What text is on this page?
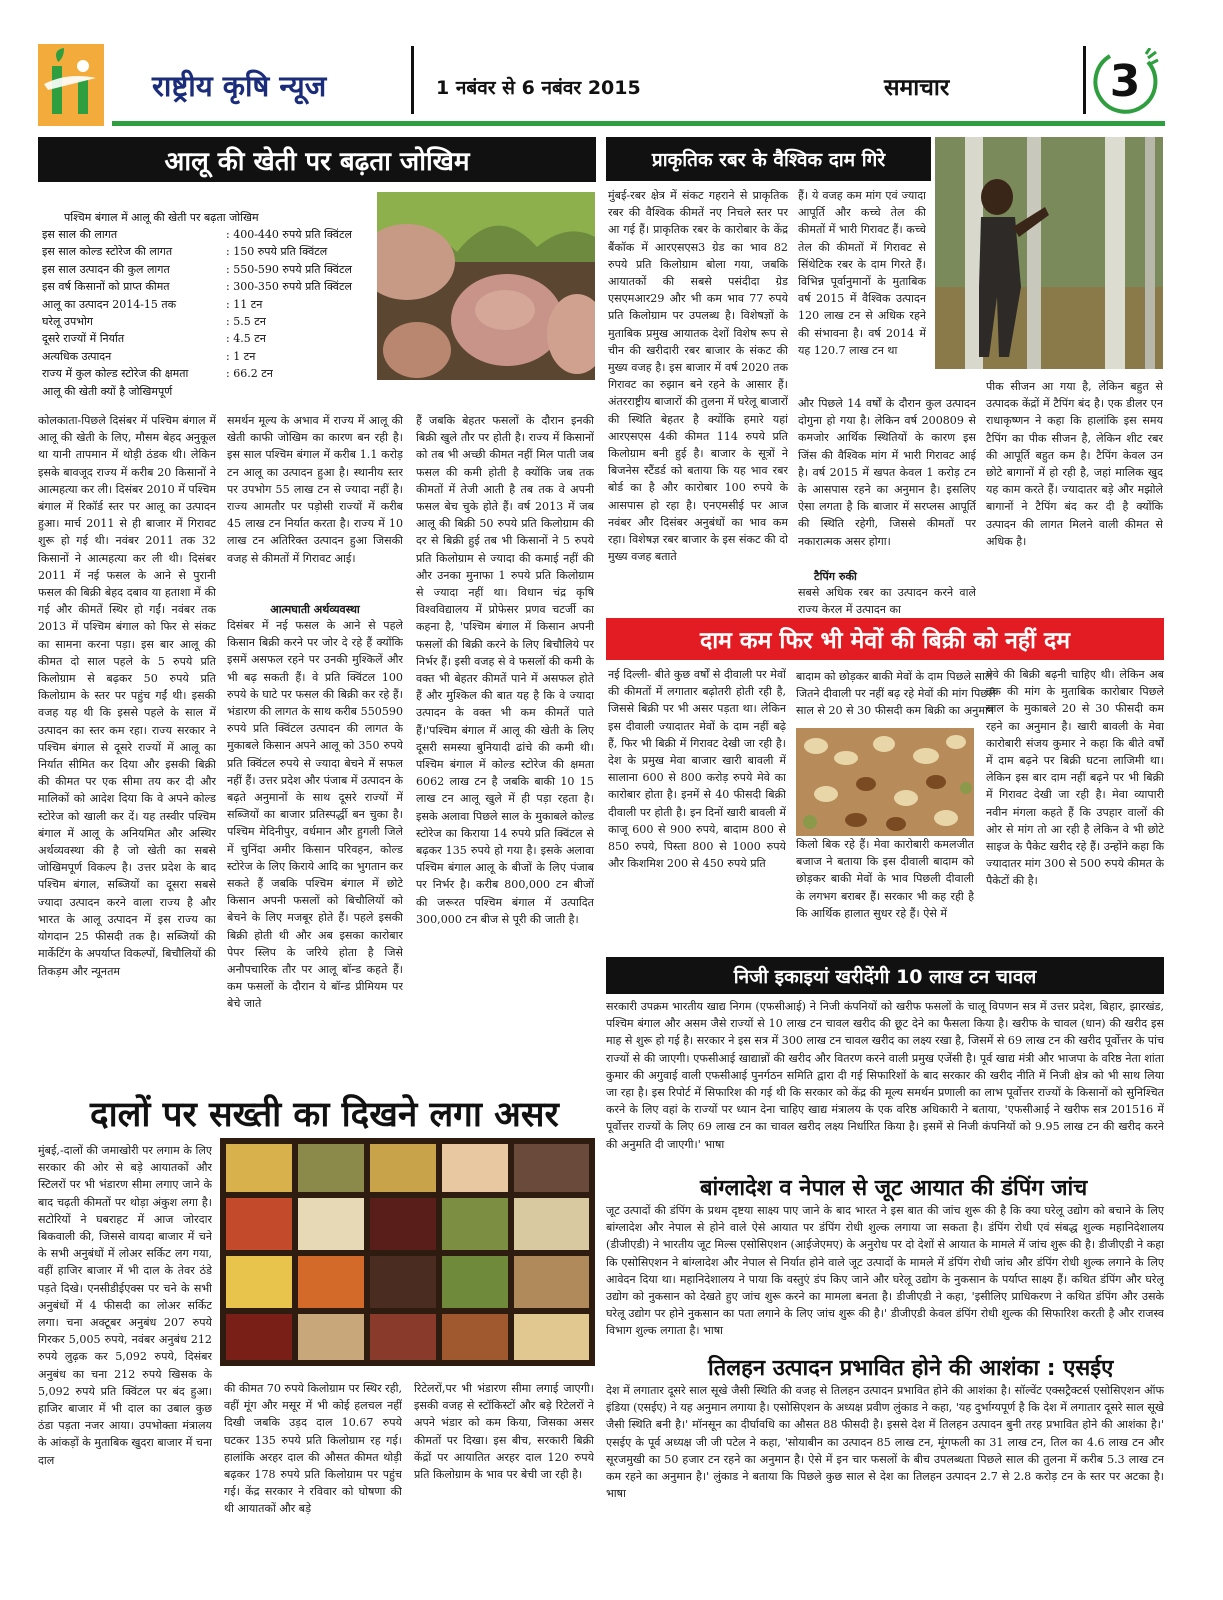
राष्ट्रीय कृषि न्यूज	1 नबंवर से 6 नबंवर 2015	समाचार	3
आलू की खेती पर बढ़ता जोखिम
पश्चिम बंगाल में आलू की खेती पर बढ़ता जोखिम
इस साल की लागत	: 400-440 रुपये प्रति क्विंटल
इस साल कोल्ड स्टोरेज की लागत	: 150 रुपये प्रति क्विंटल
इस साल उत्पादन की कुल लागत	: 550-590 रुपये प्रति क्विंटल
इस वर्ष किसानों को प्राप्त कीमत	: 300-350 रुपये प्रति क्विंटल
आलू का उत्पादन 2014-15 तक	: 11 टन
घरेलू उपभोग	: 5.5 टन
दूसरे राज्यों में निर्यात	: 4.5 टन
अत्यधिक उत्पादन	: 1 टन
राज्य में कुल कोल्ड स्टोरेज की क्षमता	: 66.2 टन
आलू की खेती क्यों है जोखिमपूर्ण
कोलकाता-पिछले दिसंबर में पश्चिम बंगाल में आलू की खेती के लिए, मौसम बेहद अनुकूल था यानी तापमान में थोड़ी ठंडक थी। लेकिन इसके बावजूद राज्य में करीब 20 किसानों ने आत्महत्या कर ली। दिसंबर 2010 में पश्चिम बंगाल में रिकॉर्ड स्तर पर आलू का उत्पादन हुआ। मार्च 2011 से ही बाजार में गिरावट शुरू हो गई थी। नवंबर 2011 तक 32 किसानों ने आत्महत्या कर ली थी। दिसंबर 2011 में नई फसल के आने से पुरानी फसल की बिक्री बेहद दबाव या हताशा में की गई और कीमतें स्थिर हो गईं। नवंबर तक 2013 में पश्चिम बंगाल को फिर से संकट का सामना करना पड़ा। इस बार आलू की कीमत दो साल पहले के 5 रुपये प्रति किलोग्राम से बढ़कर 50 रुपये प्रति किलोग्राम के स्तर पर पहुंच गईं थी। इसकी वजह यह थी कि इससे पहले के साल में उत्पादन का स्तर कम रहा। राज्य सरकार ने पश्चिम बंगाल से दूसरे राज्यों में आलू का निर्यात सीमित कर दिया और इसकी बिक्री की कीमत पर एक सीमा तय कर दी और मालिकों को आदेश दिया कि वे अपने कोल्ड स्टोरेज को खाली कर दें। यह तस्वीर पश्चिम बंगाल में आलू के अनियमित और अस्थिर अर्थव्यवस्था की है जो खेती का सबसे जोखिमपूर्ण विकल्प है। उत्तर प्रदेश के बाद पश्चिम बंगाल, सब्जियों का दूसरा सबसे ज्यादा उत्पादन करने वाला राज्य है और भारत के आलू उत्पादन में इस राज्य का योगदान 25 फीसदी तक है। सब्जियों की मार्केटिंग के अपर्याप्त विकल्पों, बिचौलियों की तिकड़म और न्यूनतम
समर्थन मूल्य के अभाव में राज्य में आलू की खेती काफी जोखिम का कारण बन रही है। इस साल पश्चिम बंगाल में करीब 1.1 करोड़ टन आलू का उत्पादन हुआ है। स्थानीय स्तर पर उपभोग 55 लाख टन से ज्यादा नहीं है। राज्य आमतौर पर पड़ोसी राज्यों में करीब 45 लाख टन निर्यात करता है। राज्य में 10 लाख टन अतिरिक्त उत्पादन हुआ जिसकी वजह से कीमतों में गिरावट आई।
आत्मघाती अर्थव्यवस्था
दिसंबर में नई फसल के आने से पहले किसान बिक्री करने पर जोर दे रहे हैं क्योंकि इसमें असफल रहने पर उनकी मुश्किलें और भी बढ़ सकती हैं। वे प्रति क्विंटल 100 रुपये के घाटे पर फसल की बिक्री कर रहे हैं। भंडारण की लागत के साथ करीब 550590 रुपये प्रति क्विंटल उत्पादन की लागत के मुकाबले किसान अपने आलू को 350 रुपये प्रति क्विंटल रुपये से ज्यादा बेचने में सफल नहीं हैं। उत्तर प्रदेश और पंजाब में उत्पादन के बढ़ते अनुमानों के साथ दूसरे राज्यों में सब्जियों का बाजार प्रतिस्पर्द्धी बन चुका है। पश्चिम मेदिनीपुर, वर्धमान और हुगली जिले में चुनिंदा अमीर किसान परिवहन, कोल्ड स्टोरेज के लिए किराये आदि का भुगतान कर सकते हैं जबकि पश्चिम बंगाल में छोटे किसान अपनी फसलों को बिचौलियों को बेचने के लिए मजबूर होते हैं। पहले इसकी बिक्री होती थी और अब इसका कारोबार पेपर स्लिप के जरिये होता है जिसे अनौपचारिक तौर पर आलू बॉन्ड कहते हैं। कम फसलों के दौरान ये बॉन्ड प्रीमियम पर बेचे जाते
हैं जबकि बेहतर फसलों के दौरान इनकी बिक्री खुले तौर पर होती है। राज्य में किसानों को तब भी अच्छी कीमत नहीं मिल पाती जब फसल की कमी होती है क्योंकि जब तक कीमतों में तेजी आती है तब तक वे अपनी फसल बेच चुके होते हैं। वर्ष 2013 में जब आलू की बिक्री 50 रुपये प्रति किलोग्राम की दर से बिक्री हुई तब भी किसानों ने 5 रुपये प्रति किलोग्राम से ज्यादा की कमाई नहीं की और उनका मुनाफा 1 रुपये प्रति किलोग्राम से ज्यादा नहीं था। विधान चंद्र कृषि विश्वविद्यालय में प्रोफेसर प्रणव चटर्जी का कहना है, 'पश्चिम बंगाल में किसान अपनी फसलों की बिक्री करने के लिए बिचौलिये पर निर्भर हैं। इसी वजह से वे फसलों की कमी के वक्त भी बेहतर कीमतें पाने में असफल होते हैं और मुश्किल की बात यह है कि वे ज्यादा उत्पादन के वक्त भी कम कीमतें पाते हैं।'पश्चिम बंगाल में आलू की खेती के लिए दूसरी समस्या बुनियादी ढांचे की कमी थी। पश्चिम बंगाल में कोल्ड स्टोरेज की क्षमता 6062 लाख टन है जबकि बाकी 10 15 लाख टन आलू खुले में ही पड़ा रहता है। इसके अलावा पिछले साल के मुकाबले कोल्ड स्टोरेज का किराया 14 रुपये प्रति क्विंटल से बढ़कर 135 रुपये हो गया है। इसके अलावा पश्चिम बंगाल आलू के बीजों के लिए पंजाब पर निर्भर है। करीब 800,000 टन बीजों की जरूरत पश्चिम बंगाल में उत्पादित 300,000 टन बीज से पूरी की जाती है।
दालों पर सख्ती का दिखने लगा असर
मुंबई,-दालों की जमाखोरी पर लगाम के लिए सरकार की ओर से बड़े आयातकों और स्टिलरों पर भी भंडारण सीमा लगाए जाने के बाद चढ़ती कीमतों पर थोड़ा अंकुश लगा है। सटोरियों ने घबराहट में आज जोरदार बिकवाली की, जिससे वायदा बाजार में चने के सभी अनुबंधों में लोअर सर्किट लग गया, वहीं हाजिर बाजार में भी दाल के तेवर ठंडे पड़ते दिखे। एनसीडीईएक्स पर चने के सभी अनुबंधों में 4 फीसदी का लोअर सर्किट लगा। चना अक्टूबर अनुबंध 207 रुपये गिरकर 5,005 रुपये, नवंबर अनुबंध 212 रुपये लुढ़क कर 5,092 रुपये, दिसंबर अनुबंध का चना 212 रुपये खिसक के 5,092 रुपये प्रति क्विंटल पर बंद हुआ। हाजिर बाजार में भी दाल का उबाल कुछ ठंडा पड़ता नजर आया। उपभोक्ता मंत्रालय के आंकड़ों के मुताबिक खुदरा बाजार में चना दाल
की कीमत 70 रुपये किलोग्राम पर स्थिर रही, वहीं मूंग और मसूर में भी कोई हलचल नहीं दिखी जबकि उड़द दाल 10.67 रुपये घटकर 135 रुपये प्रति किलोग्राम रह गई। हालांकि अरहर दाल की औसत कीमत थोड़ी बढ़कर 178 रुपये प्रति किलोग्राम पर पहुंच गई। केंद्र सरकार ने रविवार को घोषणा की थी आयातकों और बड़े
रिटेलरों,पर भी भंडारण सीमा लगाई जाएगी। इसकी वजह से स्टॉकिस्टों और बड़े रिटेलरों ने अपने भंडार को कम किया, जिसका असर कीमतों पर दिखा। इस बीच, सरकारी बिक्री केंद्रों पर आयातित अरहर दाल 120 रुपये प्रति किलोग्राम के भाव पर बेची जा रही है।
प्राकृतिक रबर के वैश्विक दाम गिरे
मुंबई-रबर क्षेत्र में संकट गहराने से प्राकृतिक रबर की वैश्विक कीमतें नए निचले स्तर पर आ गई हैं। प्राकृतिक रबर के कारोबार के केंद्र बैंकॉक में आरएसएस3 ग्रेड का भाव 82 रुपये प्रति किलोग्राम बोला गया, जबकि आयातकों की सबसे पसंदीदा ग्रेड एसएमआर29 और भी कम भाव 77 रुपये प्रति किलोग्राम पर उपलब्ध है। विशेषज्ञों के मुताबिक प्रमुख आयातक देशों विशेष रूप से चीन की खरीदारी रबर बाजार के संकट की मुख्य वजह है। इस बाजार में वर्ष 2020 तक गिरावट का रुझान बने रहने के आसार हैं। अंतरराष्ट्रीय बाजारों की तुलना में घरेलू बाजारों की स्थिति बेहतर है क्योंकि हमारे यहां आरएसएस 4की कीमत 114 रुपये प्रति किलोग्राम बनी हुई है। बाजार के सूत्रों ने बिजनेस स्टैंडर्ड को बताया कि यह भाव रबर बोर्ड का है और कारोबार 100 रुपये के आसपास हो रहा है। एनएमसीई पर आज नवंबर और दिसंबर अनुबंधों का भाव कम रहा। विशेषज्ञ रबर बाजार के इस संकट की दो मुख्य वजह बताते
हैं। ये वजह कम मांग एवं ज्यादा आपूर्ति और कच्चे तेल की कीमतों में भारी गिरावट हैं। कच्चे तेल की कीमतों में गिरावट से सिंथेटिक रबर के दाम गिरते हैं। विभिन्न पूर्वानुमानों के मुताबिक वर्ष 2015 में वैश्विक उत्पादन 120 लाख टन से अधिक रहने की संभावना है। वर्ष 2014 में यह 120.7 लाख टन था
और पिछले 14 वर्षों के दौरान कुल उत्पादन दोगुना हो गया है। लेकिन वर्ष 200809 से कमजोर आर्थिक स्थितियों के कारण इस जिंस की वैश्विक मांग में भारी गिरावट आई है। वर्ष 2015 में खपत केवल 1 करोड़ टन के आसपास रहने का अनुमान है। इसलिए ऐसा लगता है कि बाजार में सरप्लस आपूर्ति की स्थिति रहेगी, जिससे कीमतों पर नकारात्मक असर होगा।
टैपिंग रुकी
सबसे अधिक रबर का उत्पादन करने वाले राज्य केरल में उत्पादन का
पीक सीजन आ गया है, लेकिन बहुत से उत्पादक केंद्रों में टैपिंग बंद है। एक डीलर एन राधाकृष्णन ने कहा कि हालांकि इस समय टैपिंग का पीक सीजन है, लेकिन शीट रबर की आपूर्ति बहुत कम है। टैपिंग केवल उन छोटे बागानों में हो रही है, जहां मालिक खुद यह काम करते हैं। ज्यादातर बड़े और मझोले बागानों ने टैपिंग बंद कर दी है क्योंकि उत्पादन की लागत मिलने वाली कीमत से अधिक है।
दाम कम फिर भी मेवों की बिक्री को नहीं दम
नई दिल्ली- बीते कुछ वर्षों से दीवाली पर मेवों की कीमतों में लगातार बढ़ोतरी होती रही है, जिससे बिक्री पर भी असर पड़ता था। लेकिन इस दीवाली ज्यादातर मेवों के दाम नहीं बढ़े हैं, फिर भी बिक्री में गिरावट देखी जा रही है। देश के प्रमुख मेवा बाजार खारी बावली में सालाना 600 से 800 करोड़ रुपये मेवे का कारोबार होता है। इनमें से 40 फीसदी बिक्री दीवाली पर होती है। इन दिनों खारी बावली में काजू 600 से 900 रुपये, बादाम 800 से 850 रुपये, पिस्ता 800 से 1000 रुपये और किशमिश 200 से 450 रुपये प्रति
बादाम को छोड़कर बाकी मेवों के दाम पिछले साल जितने दीवाली पर नहीं बढ़ रहे मेवों की मांग पिछले साल से 20 से 30 फीसदी कम बिक्री का अनुमान
किलो बिक रहे हैं। मेवा कारोबारी कमलजीत बजाज ने बताया कि इस दीवाली बादाम को छोड़कर बाकी मेवों के भाव पिछली दीवाली के लगभग बराबर हैं। सरकार भी कह रही है कि आर्थिक हालात सुधर रहे हैं। ऐसे में
मेवे की बिक्री बढ़नी चाहिए थी। लेकिन अब तक की मांग के मुताबिक कारोबार पिछले साल के मुकाबले 20 से 30 फीसदी कम रहने का अनुमान है। खारी बावली के मेवा कारोबारी संजय कुमार ने कहा कि बीते वर्षों में दाम बढ़ने पर बिक्री घटना लाजिमी था। लेकिन इस बार दाम नहीं बढ़ने पर भी बिक्री में गिरावट देखी जा रही है। मेवा व्यापारी नवीन मंगला कहते हैं कि उपहार वालों की ओर से मांग तो आ रही है लेकिन वे भी छोटे साइज के पैकेट खरीद रहे हैं। उन्होंने कहा कि ज्यादातर मांग 300 से 500 रुपये कीमत के पैकेटों की है।
निजी इकाइयां खरीदेंगी 10 लाख टन चावल
सरकारी उपक्रम भारतीय खाद्य निगम (एफसीआई) ने निजी कंपनियों को खरीफ फसलों के चालू विपणन सत्र में उत्तर प्रदेश, बिहार, झारखंड, पश्चिम बंगाल और असम जैसे राज्यों से 10 लाख टन चावल खरीद की छूट देने का फैसला किया है। खरीफ के चावल (धान) की खरीद इस माह से शुरू हो गई है। सरकार ने इस सत्र में 300 लाख टन चावल खरीद का लक्ष्य रखा है, जिसमें से 69 लाख टन की खरीद पूर्वोत्तर के पांच राज्यों से की जाएगी। एफसीआई खाद्यान्नों की खरीद और वितरण करने वाली प्रमुख एजेंसी है। पूर्व खाद्य मंत्री और भाजपा के वरिष्ठ नेता शांता कुमार की अगुवाई वाली एफसीआई पुनर्गठन समिति द्वारा दी गई सिफारिशों के बाद सरकार की खरीद नीति में निजी क्षेत्र को भी साथ लिया जा रहा है। इस रिपोर्ट में सिफारिश की गई थी कि सरकार को केंद्र की मूल्य समर्थन प्रणाली का लाभ पूर्वोत्तर राज्यों के किसानों को सुनिश्चित करने के लिए वहां के राज्यों पर ध्यान देना चाहिए खाद्य मंत्रालय के एक वरिष्ठ अधिकारी ने बताया, 'एफसीआई ने खरीफ सत्र 201516 में पूर्वोत्तर राज्यों के लिए 69 लाख टन का चावल खरीद लक्ष्य निर्धारित किया है। इसमें से निजी कंपनियों को 9.95 लाख टन की खरीद करने की अनुमति दी जाएगी।' भाषा
बांग्लादेश व नेपाल से जूट आयात की डंपिंग जांच
जूट उत्पादों की डंपिंग के प्रथम दृष्टया साक्ष्य पाए जाने के बाद भारत ने इस बात की जांच शुरू की है कि क्या घरेलू उद्योग को बचाने के लिए बांग्लादेश और नेपाल से होने वाले ऐसे आयात पर डंपिंग रोधी शुल्क लगाया जा सकता है। डंपिंग रोधी एवं संबद्ध शुल्क महानिदेशालय (डीजीएडी) ने भारतीय जूट मिल्स एसोसिएशन (आईजेएमए) के अनुरोध पर दो देशों से आयात के मामले में जांच शुरू की है। डीजीएडी ने कहा कि एसोसिएशन ने बांग्लादेश और नेपाल से निर्यात होने वाले जूट उत्पादों के मामले में डंपिंग रोधी जांच और डंपिंग रोधी शुल्क लगाने के लिए आवेदन दिया था। महानिदेशालय ने पाया कि वस्तुएं डंप किए जाने और घरेलू उद्योग के नुकसान के पर्याप्त साक्ष्य हैं। कथित डंपिंग और घरेलू उद्योग को नुकसान को देखते हुए जांच शुरू करने का मामला बनता है। डीजीएडी ने कहा, 'इसीलिए प्राधिकरण ने कथित डंपिंग और उसके घरेलू उद्योग पर होने नुकसान का पता लगाने के लिए जांच शुरू की है।' डीजीएडी केवल डंपिंग रोधी शुल्क की सिफारिश करती है और राजस्व विभाग शुल्क लगाता है। भाषा
तिलहन उत्पादन प्रभावित होने की आशंका : एसईए
देश में लगातार दूसरे साल सूखे जैसी स्थिति की वजह से तिलहन उत्पादन प्रभावित होने की आशंका है। सॉल्वेंट एक्सट्रैक्टर्स एसोसिएशन ऑफ इंडिया (एसईए) ने यह अनुमान लगाया है। एसोसिएशन के अध्यक्ष प्रवीण लुंकाड ने कहा, 'यह दुर्भाग्यपूर्ण है कि देश में लगातार दूसरे साल सूखे जैसी स्थिति बनी है।' मॉनसून का दीर्घावधि का औसत 88 फीसदी है। इससे देश में तिलहन उत्पादन बुनी तरह प्रभावित होने की आशंका है।' एसईए के पूर्व अध्यक्ष जी जी पटेल ने कहा, 'सोयाबीन का उत्पादन 85 लाख टन, मूंगफली का 31 लाख टन, तिल का 4.6 लाख टन और सूरजमुखी का 50 हजार टन रहने का अनुमान है। ऐसे में इन चार फसलों के बीच उपलब्धता पिछले साल की तुलना में करीब 5.3 लाख टन कम रहने का अनुमान है।' लुंकाड ने बताया कि पिछले कुछ साल से देश का तिलहन उत्पादन 2.7 से 2.8 करोड़ टन के स्तर पर अटका है। भाषा
